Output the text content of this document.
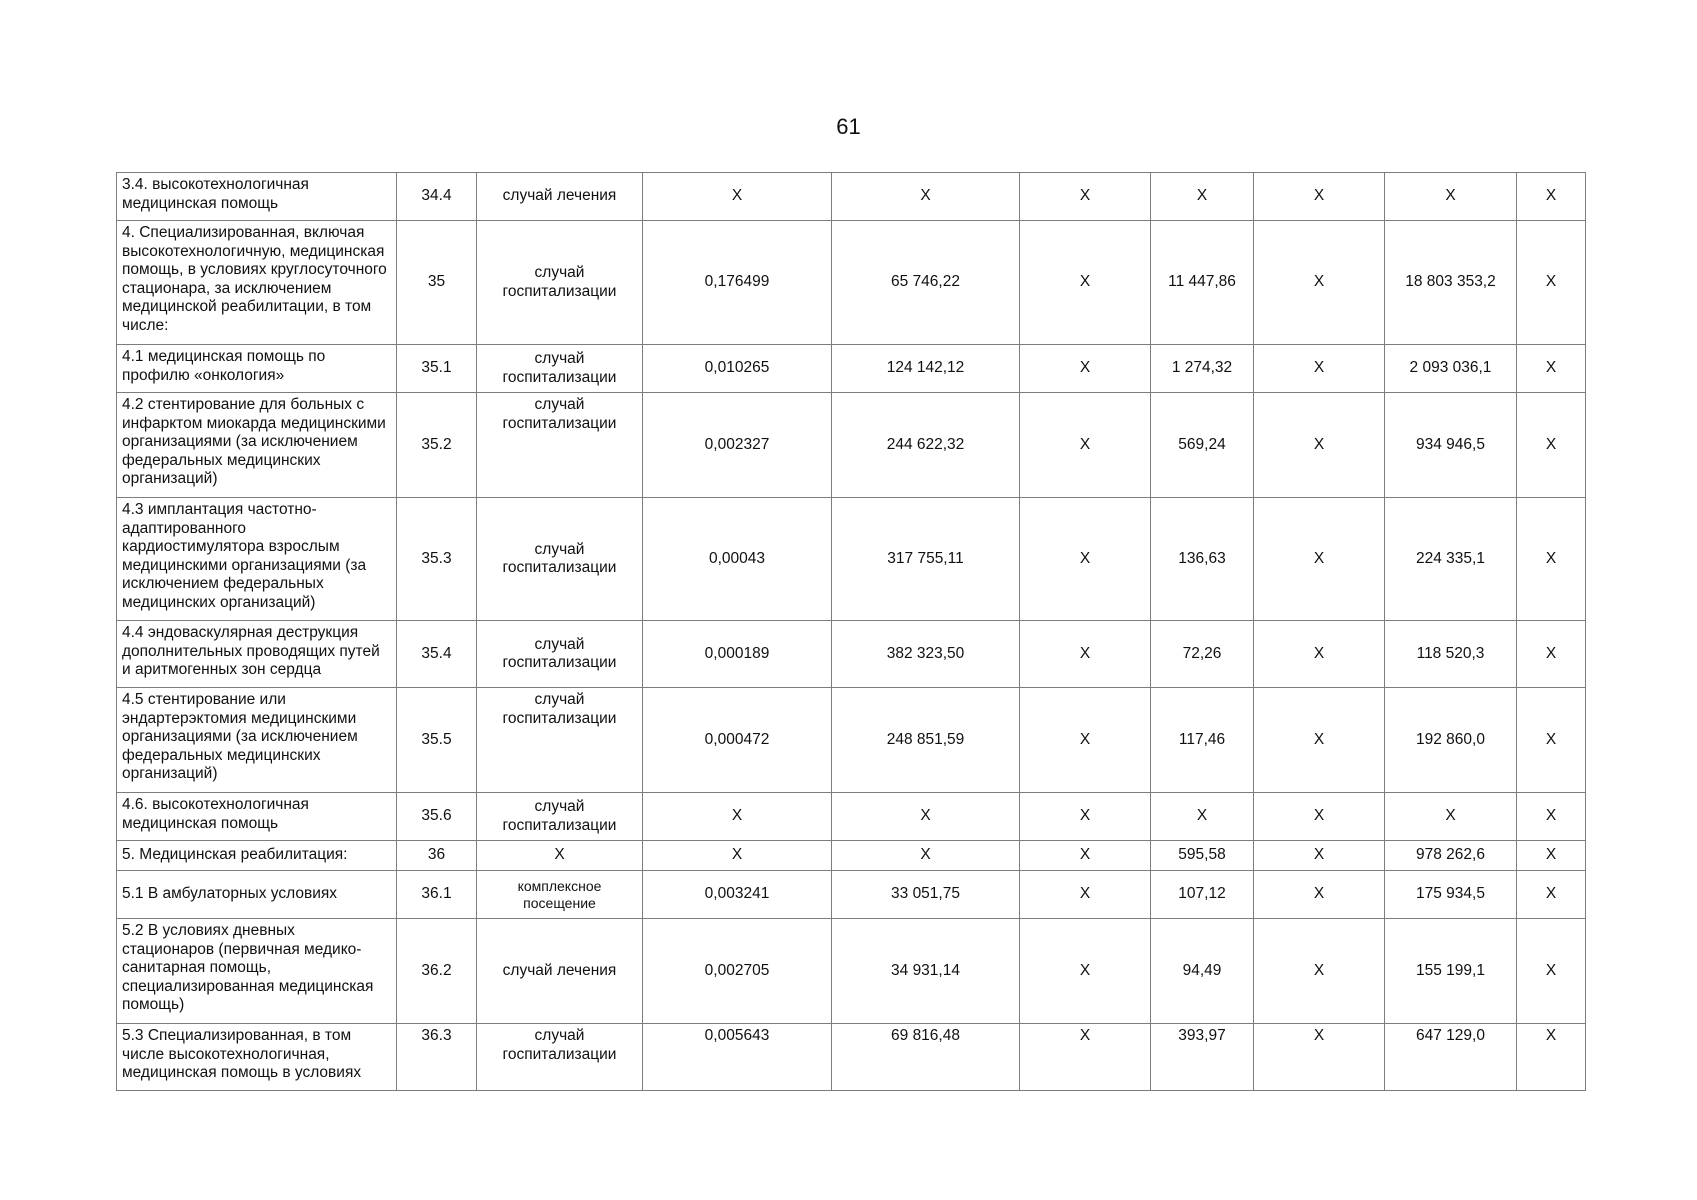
61
3.4. высокотехнологичная медицинская помощь	34.4	случай лечения	X	X	X	X	X	X	X
4. Специализированная, включая высокотехнологичную, медицинская помощь, в условиях круглосуточного стационара, за исключением медицинской реабилитации, в том числе:	35	случай госпитализации	0,176499	65 746,22	X	11 447,86	X	18 803 353,2	X
4.1 медицинская помощь по профилю «онкология»	35.1	случай госпитализации	0,010265	124 142,12	X	1 274,32	X	2 093 036,1	X
4.2 стентирование для больных с инфарктом миокарда медицинскими организациями (за исключением федеральных медицинских организаций)	35.2	случай госпитализации	0,002327	244 622,32	X	569,24	X	934 946,5	X
4.3 имплантация частотно-адаптированного кардиостимулятора взрослым медицинскими организациями (за исключением федеральных медицинских организаций)	35.3	случай госпитализации	0,00043	317 755,11	X	136,63	X	224 335,1	X
4.4 эндоваскулярная деструкция дополнительных проводящих путей и аритмогенных зон сердца	35.4	случай госпитализации	0,000189	382 323,50	X	72,26	X	118 520,3	X
4.5 стентирование или эндартерэктомия медицинскими организациями (за исключением федеральных медицинских организаций)	35.5	случай госпитализации	0,000472	248 851,59	X	117,46	X	192 860,0	X
4.6. высокотехнологичная медицинская помощь	35.6	случай госпитализации	X	X	X	X	X	X	X
5. Медицинская реабилитация:	36	X	X	X	X	595,58	X	978 262,6	X
5.1 В амбулаторных условиях	36.1	комплексное посещение	0,003241	33 051,75	X	107,12	X	175 934,5	X
5.2 В условиях дневных стационаров (первичная медико-санитарная помощь, специализированная медицинская помощь)	36.2	случай лечения	0,002705	34 931,14	X	94,49	X	155 199,1	X
5.3 Специализированная, в том числе высокотехнологичная, медицинская помощь в условиях	36.3	случай госпитализации	0,005643	69 816,48	X	393,97	X	647 129,0	X
